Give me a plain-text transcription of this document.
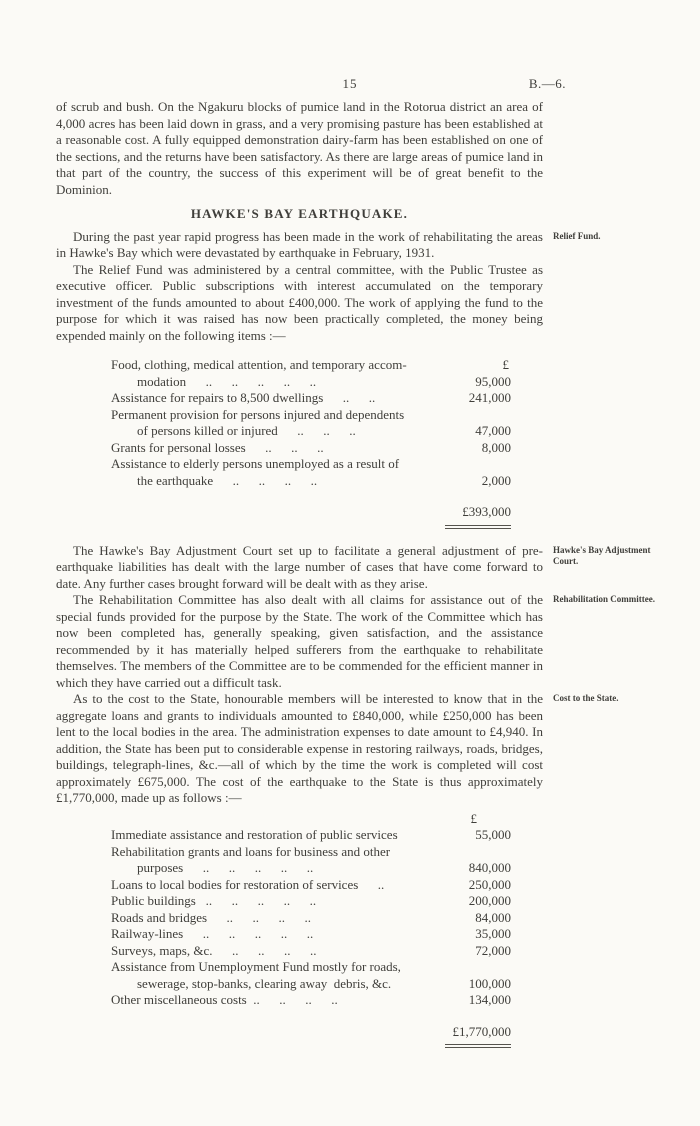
15	B.—6.

of scrub and bush. On the Ngakuru blocks of pumice land in the Rotorua district an area of 4,000 acres has been laid down in grass, and a very promising pasture has been established at a reasonable cost. A fully equipped demonstration dairy-farm has been established on one of the sections, and the returns have been satisfactory. As there are large areas of pumice land in that part of the country, the success of this experiment will be of great benefit to the Dominion.

HAWKE'S BAY EARTHQUAKE.
During the past year rapid progress has been made in the work of rehabilitating the areas in Hawke's Bay which were devastated by earthquake in February, 1931.
Relief Fund.

The Relief Fund was administered by a central committee, with the Public Trustee as executive officer. Public subscriptions with interest accumulated on the temporary investment of the funds amounted to about £400,000. The work of applying the fund to the purpose for which it was raised has now been practically completed, the money being expended mainly on the following items :—

£
Food, clothing, medical attention, and temporary accom-
modation      ..      ..      ..      ..      ..	95,000
Assistance for repairs to 8,500 dwellings      ..      ..	241,000
Permanent provision for persons injured and dependents
of persons killed or injured      ..      ..      ..	47,000
Grants for personal losses      ..      ..      ..	8,000
Assistance to elderly persons unemployed as a result of
the earthquake      ..      ..      ..      ..	2,000
£393,000
The Hawke's Bay Adjustment Court set up to facilitate a general adjustment of pre-earthquake liabilities has dealt with the large number of cases that have come forward to date. Any further cases brought forward will be dealt with as they arise.
Hawke's Bay Adjustment Court.
The Rehabilitation Committee has also dealt with all claims for assistance out of the special funds provided for the purpose by the State. The work of the Committee which has now been completed has, generally speaking, given satisfaction, and the assistance recommended by it has materially helped sufferers from the earthquake to rehabilitate themselves. The members of the Committee are to be commended for the efficient manner in which they have carried out a difficult task.
Rehabilitation Committee.
As to the cost to the State, honourable members will be interested to know that in the aggregate loans and grants to individuals amounted to £840,000, while £250,000 has been lent to the local bodies in the area. The administration expenses to date amount to £4,940. In addition, the State has been put to considerable expense in restoring railways, roads, bridges, buildings, telegraph-lines, &c.—all of which by the time the work is completed will cost approximately £675,000. The cost of the earthquake to the State is thus approximately £1,770,000, made up as follows :—
Cost to the State.
£
Immediate assistance and restoration of public services	55,000
Rehabilitation grants and loans for business and other
purposes      ..      ..      ..      ..      ..	840,000
Loans to local bodies for restoration of services      ..	250,000
Public buildings   ..      ..      ..      ..      ..	200,000
Roads and bridges      ..      ..      ..      ..	84,000
Railway-lines      ..      ..      ..      ..      ..	35,000
Surveys, maps, &c.      ..      ..      ..      ..	72,000
Assistance from Unemployment Fund mostly for roads,
sewerage, stop-banks, clearing away  debris, &c.	100,000
Other miscellaneous costs  ..      ..      ..      ..	134,000
£1,770,000
